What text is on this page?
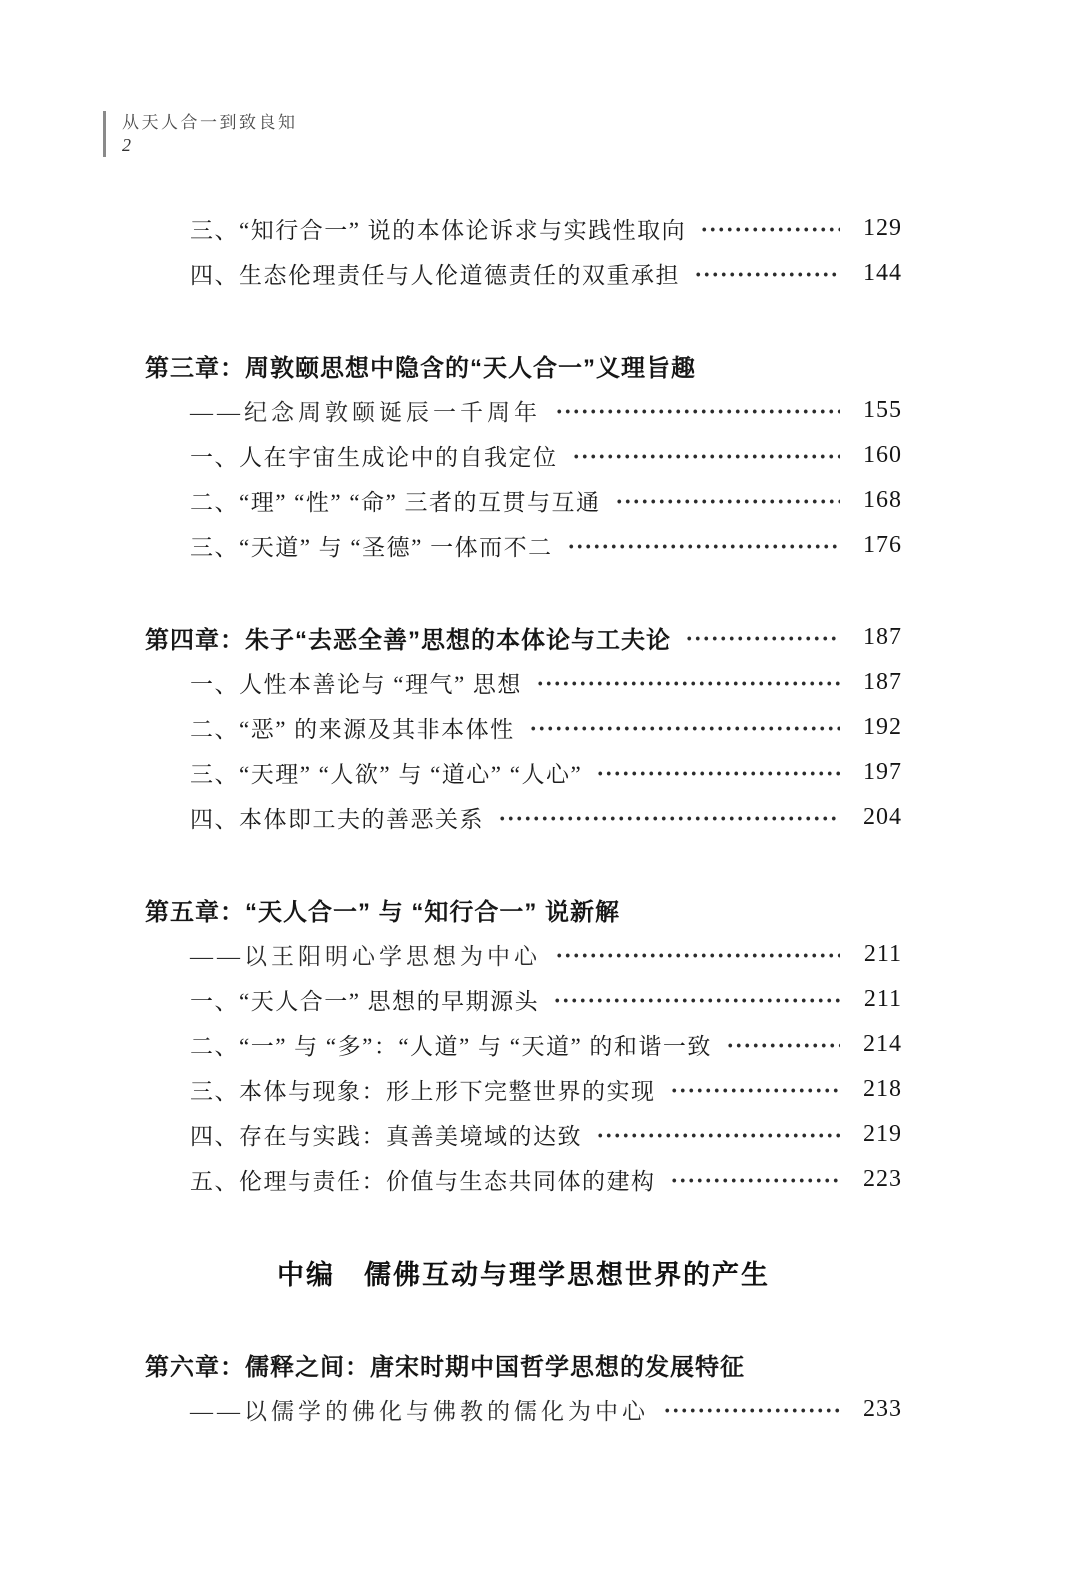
从天人合一到致良知
2
三、“知行合一” 说的本体论诉求与实践性取向	129
四、生态伦理责任与人伦道德责任的双重承担	144
第三章：周敦颐思想中隐含的“天人合一”义理旨趣
——纪念周敦颐诞辰一千周年	155
一、人在宇宙生成论中的自我定位	160
二、“理” “性” “命” 三者的互贯与互通	168
三、“天道” 与 “圣德” 一体而不二	176
第四章：朱子“去恶全善”思想的本体论与工夫论	187
一、人性本善论与 “理气” 思想	187
二、“恶” 的来源及其非本体性	192
三、“天理” “人欲” 与 “道心” “人心”	197
四、本体即工夫的善恶关系	204
第五章：“天人合一” 与 “知行合一” 说新解
——以王阳明心学思想为中心	211
一、“天人合一” 思想的早期源头	211
二、“一” 与 “多”：“人道” 与 “天道” 的和谐一致	214
三、本体与现象：形上形下完整世界的实现	218
四、存在与实践：真善美境域的达致	219
五、伦理与责任：价值与生态共同体的建构	223
中编　儒佛互动与理学思想世界的产生
第六章：儒释之间：唐宋时期中国哲学思想的发展特征
——以儒学的佛化与佛教的儒化为中心	233
